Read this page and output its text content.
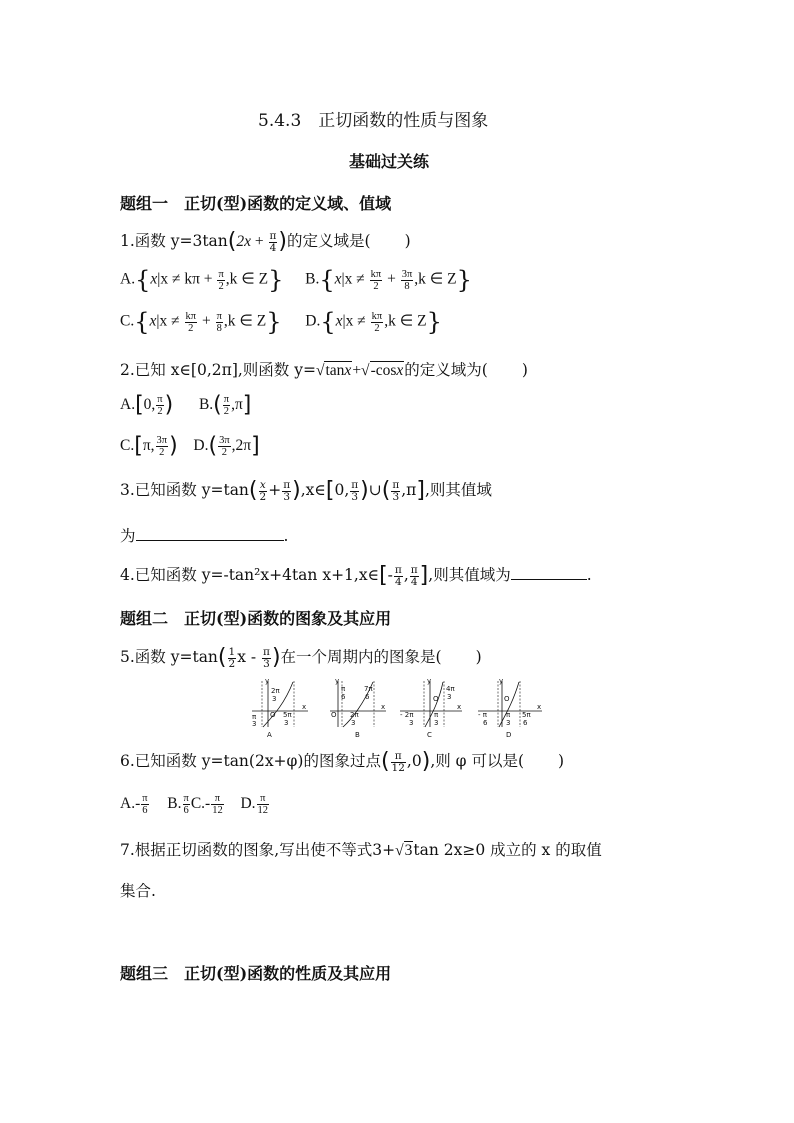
5.4.3　正切函数的性质与图象
基础过关练
题组一　正切(型)函数的定义域、值域
1.函数 $y=3\tan(2x + \frac{\pi}{4}$ )的定义域是( )
$A.\{x|x \ne k\pi + \frac{\pi}{2} ,k$ ∈ Z} $B.\{x|x \ne \frac{k\pi}{2} + \frac{3\pi}{8} ,k$ ∈ Z}
$C.\{x|x \ne \frac{k\pi}{2} + \frac{\pi}{8} ,k$ ∈ Z} $D.\{x|x \ne \frac{k\pi}{2} ,k$ ∈ Z}
2.已知 x∈[0,2π],则函数 y=√tanx+√-cosx的定义域为( )
A.[0, $\frac{\pi}{2}$ ) $B.( \frac{\pi}{2} ,\pi]$
C.[π, $\frac{3\pi}{2}$ ) $D.( \frac{3\pi}{2} ,2\pi]$
3.已知函数 $y=\tan( \frac{x}{2} + \frac{\pi}{3}$ ),x∈[0, $\frac{\pi}{3}$ )∪( $\frac{\pi}{3} ,\pi$],则其值域
为	.
4.已知函数 y=-tan²x+4tan x+1,x∈[- $\frac{\pi}{4}$ , $\frac{\pi}{4}$ ],则其值域为	.
题组二　正切(型)函数的图象及其应用
5.函数 $y=\tan( \frac{1}{2}$ x - $\frac{\pi}{3}$ )在一个周期内的图象是( )
y
2π
3
π
3
O 5π
3
x
A
y
π
6
7π
6
O 2π
3
x
B
y
4π
3
O
- 2π
3
π
3
x
C
y
O
- π
6
π
3
5π
6
x
D
6.已知函数 y=tan(2x+φ)的图象过点( $\frac{\pi}{12} ,0$),则 φ 可以是( )
$A.- \frac{\pi}{6} B$. $\frac{\pi}{6} C.- \frac{\pi}{12} D$. $\frac{\pi}{12}$
7.根据正切函数的图象,写出使不等式3+√3tan 2x≥0 成立的 x 的取值
集合.
题组三　正切(型)函数的性质及其应用
